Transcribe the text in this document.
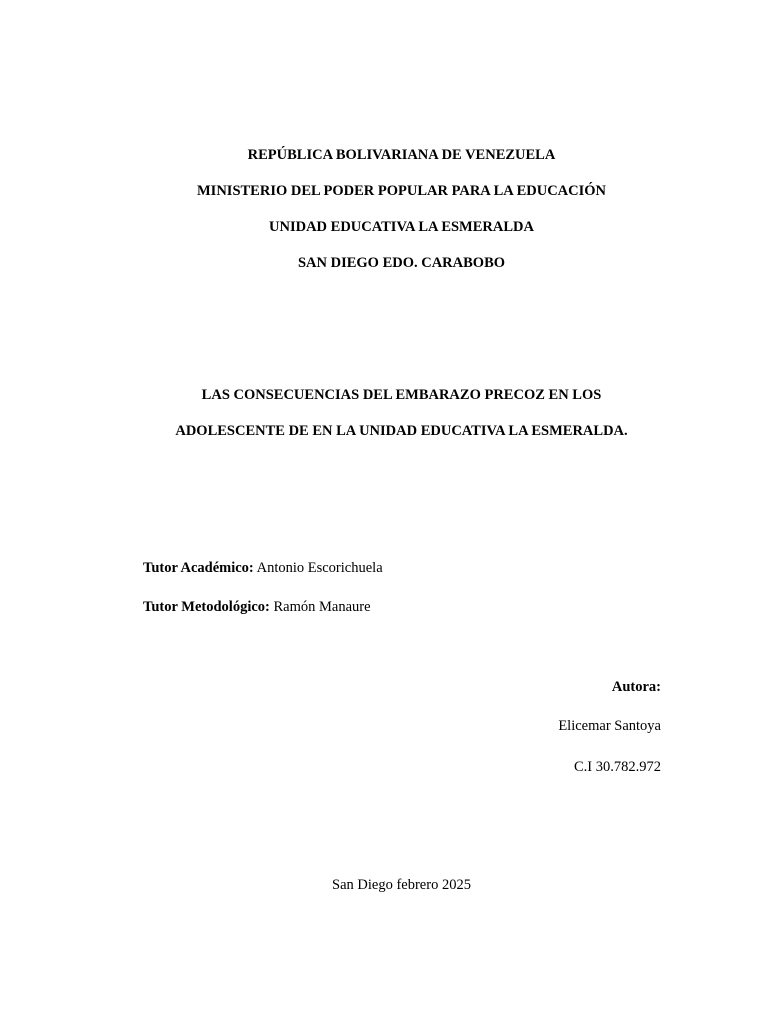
REPÚBLICA BOLIVARIANA DE VENEZUELA
MINISTERIO DEL PODER POPULAR PARA LA EDUCACIÓN
UNIDAD EDUCATIVA LA ESMERALDA
SAN DIEGO EDO. CARABOBO
LAS CONSECUENCIAS DEL EMBARAZO PRECOZ EN LOS
ADOLESCENTE DE EN LA UNIDAD EDUCATIVA LA ESMERALDA.
Tutor Académico: Antonio Escorichuela
Tutor Metodológico: Ramón Manaure
Autora:
Elicemar Santoya
C.I 30.782.972
San Diego febrero 2025
